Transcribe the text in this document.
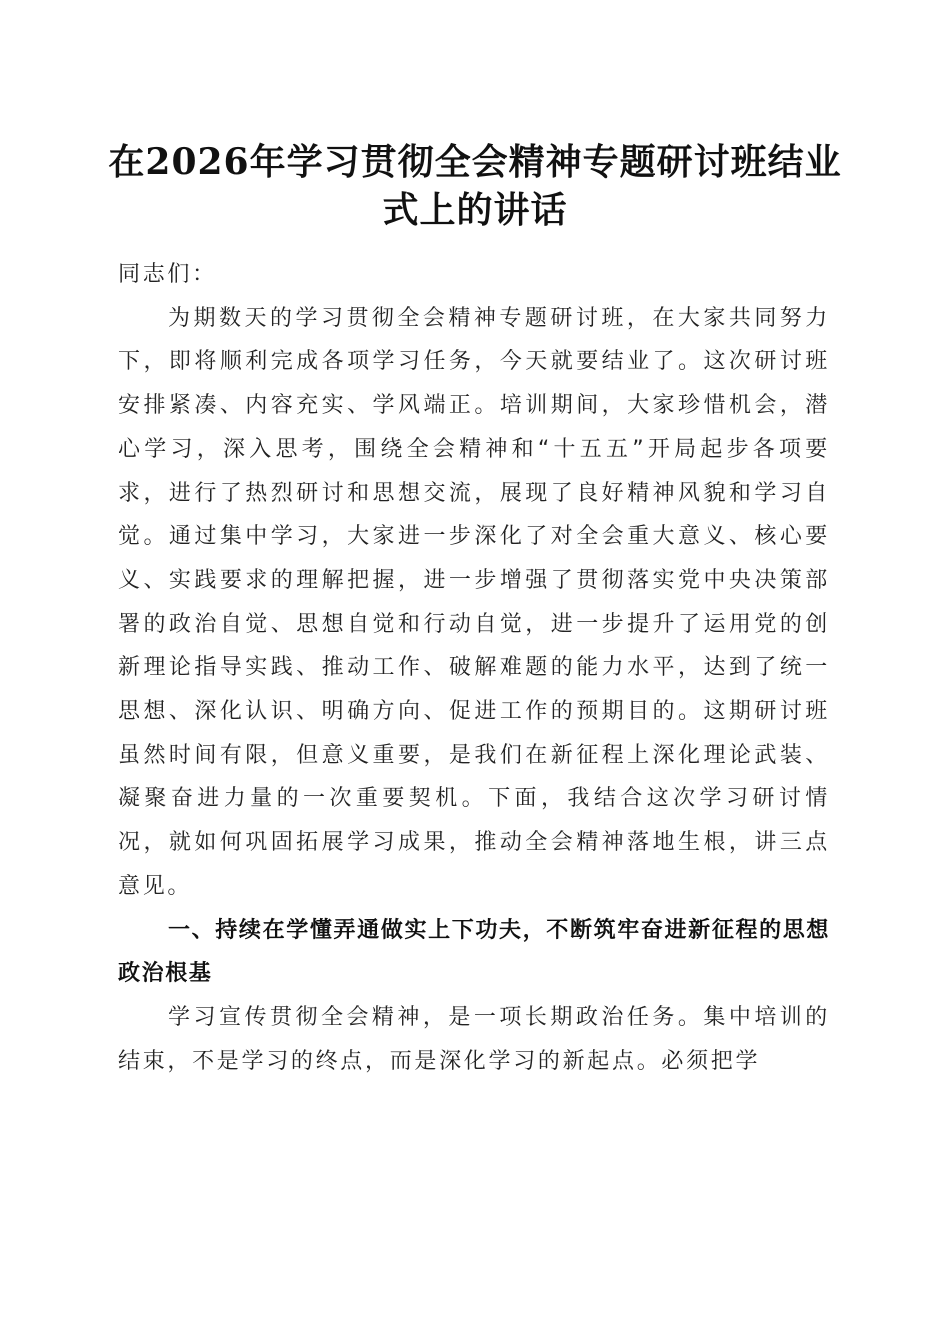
在2026年学习贯彻全会精神专题研讨班结业
式上的讲话

同志们：

为期数天的学习贯彻全会精神专题研讨班，在大家共同努力下，即将顺利完成各项学习任务，今天就要结业了。这次研讨班安排紧凑、内容充实、学风端正。培训期间，大家珍惜机会，潜心学习，深入思考，围绕全会精神和“十五五”开局起步各项要求，进行了热烈研讨和思想交流，展现了良好精神风貌和学习自觉。通过集中学习，大家进一步深化了对全会重大意义、核心要义、实践要求的理解把握，进一步增强了贯彻落实党中央决策部署的政治自觉、思想自觉和行动自觉，进一步提升了运用党的创新理论指导实践、推动工作、破解难题的能力水平，达到了统一思想、深化认识、明确方向、促进工作的预期目的。这期研讨班虽然时间有限，但意义重要，是我们在新征程上深化理论武装、凝聚奋进力量的一次重要契机。下面，我结合这次学习研讨情况，就如何巩固拓展学习成果，推动全会精神落地生根，讲三点意见。

一、持续在学懂弄通做实上下功夫，不断筑牢奋进新征程的思想政治根基

学习宣传贯彻全会精神，是一项长期政治任务。集中培训的结束，不是学习的终点，而是深化学习的新起点。必须把学
